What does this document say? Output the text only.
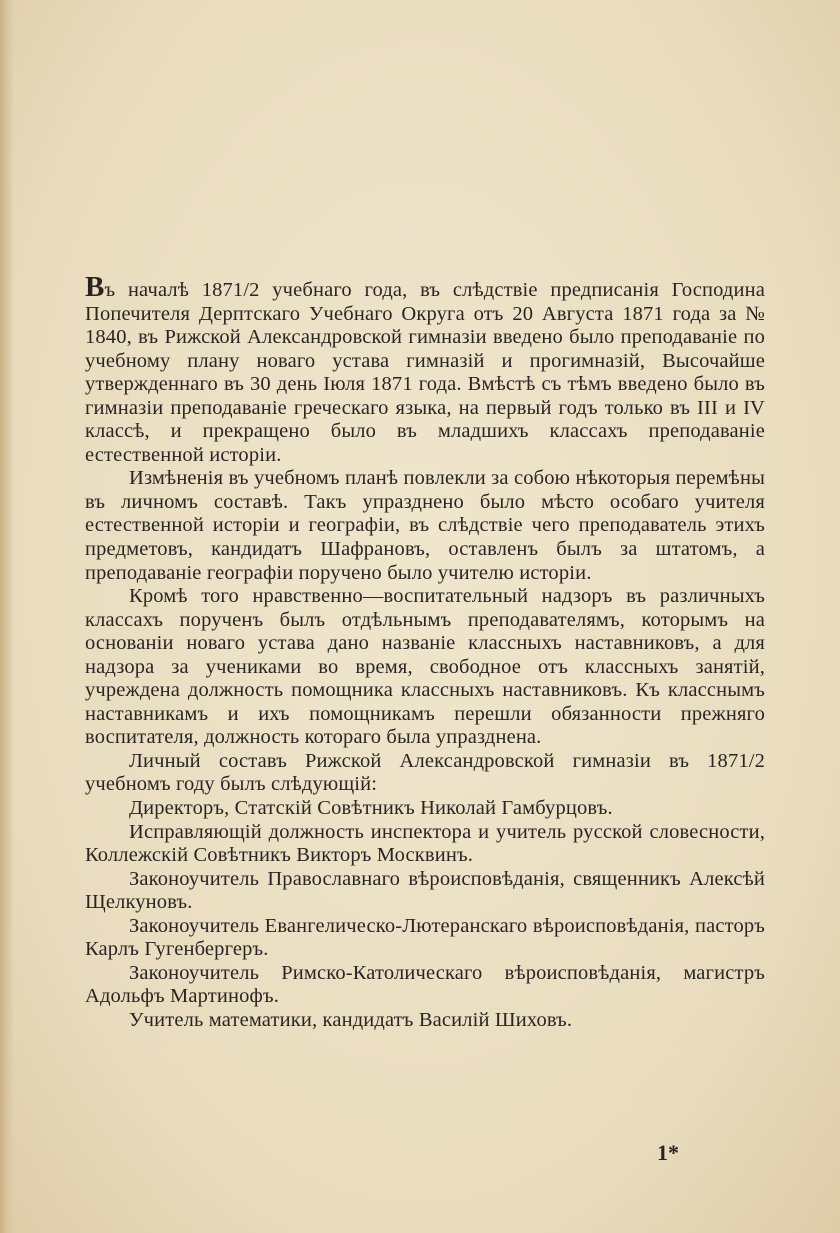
Въ началѣ 1871/2 учебнаго года, въ слѣдствіе предписанія Господина Попечителя Дерптскаго Учебнаго Округа отъ 20 Августа 1871 года за № 1840, въ Рижской Александровской гимназіи введено было преподаваніе по учебному плану новаго устава гимназій и прогимназій, Высочайше утвержденнаго въ 30 день Іюля 1871 года. Вмѣстѣ съ тѣмъ введено было въ гимназіи преподаваніе греческаго языка, на первый годъ только въ III и IV классѣ, и прекращено было въ младшихъ классахъ преподаваніе естественной исторіи.

Измѣненія въ учебномъ планѣ повлекли за собою нѣкоторыя перемѣны въ личномъ составѣ. Такъ упразднено было мѣсто особаго учителя естественной исторіи и географіи, въ слѣдствіе чего преподаватель этихъ предметовъ, кандидатъ Шафрановъ, оставленъ былъ за штатомъ, а преподаваніе географіи поручено было учителю исторіи.

Кромѣ того нравственно—воспитательный надзоръ въ различныхъ классахъ порученъ былъ отдѣльнымъ преподавателямъ, которымъ на основаніи новаго устава дано названіе классныхъ наставниковъ, а для надзора за учениками во время, свободное отъ классныхъ занятій, учреждена должность помощника классныхъ наставниковъ. Къ класснымъ наставникамъ и ихъ помощникамъ перешли обязанности прежняго воспитателя, должность котораго была упразднена.

Личный составъ Рижской Александровской гимназіи въ 1871/2 учебномъ году былъ слѣдующій:

Директоръ, Статскій Совѣтникъ Николай Гамбурцовъ.

Исправляющій должность инспектора и учитель русской словесности, Коллежскій Совѣтникъ Викторъ Москвинъ.

Законоучитель Православнаго вѣроисповѣданія, священникъ Алексѣй Щелкуновъ.

Законоучитель Евангелическо-Лютеранскаго вѣроисповѣданія, пасторъ Карлъ Гугенбергеръ.

Законоучитель Римско-Католическаго вѣроисповѣданія, магистръ Адольфъ Мартинофъ.

Учитель математики, кандидатъ Василій Шиховъ.

1*
